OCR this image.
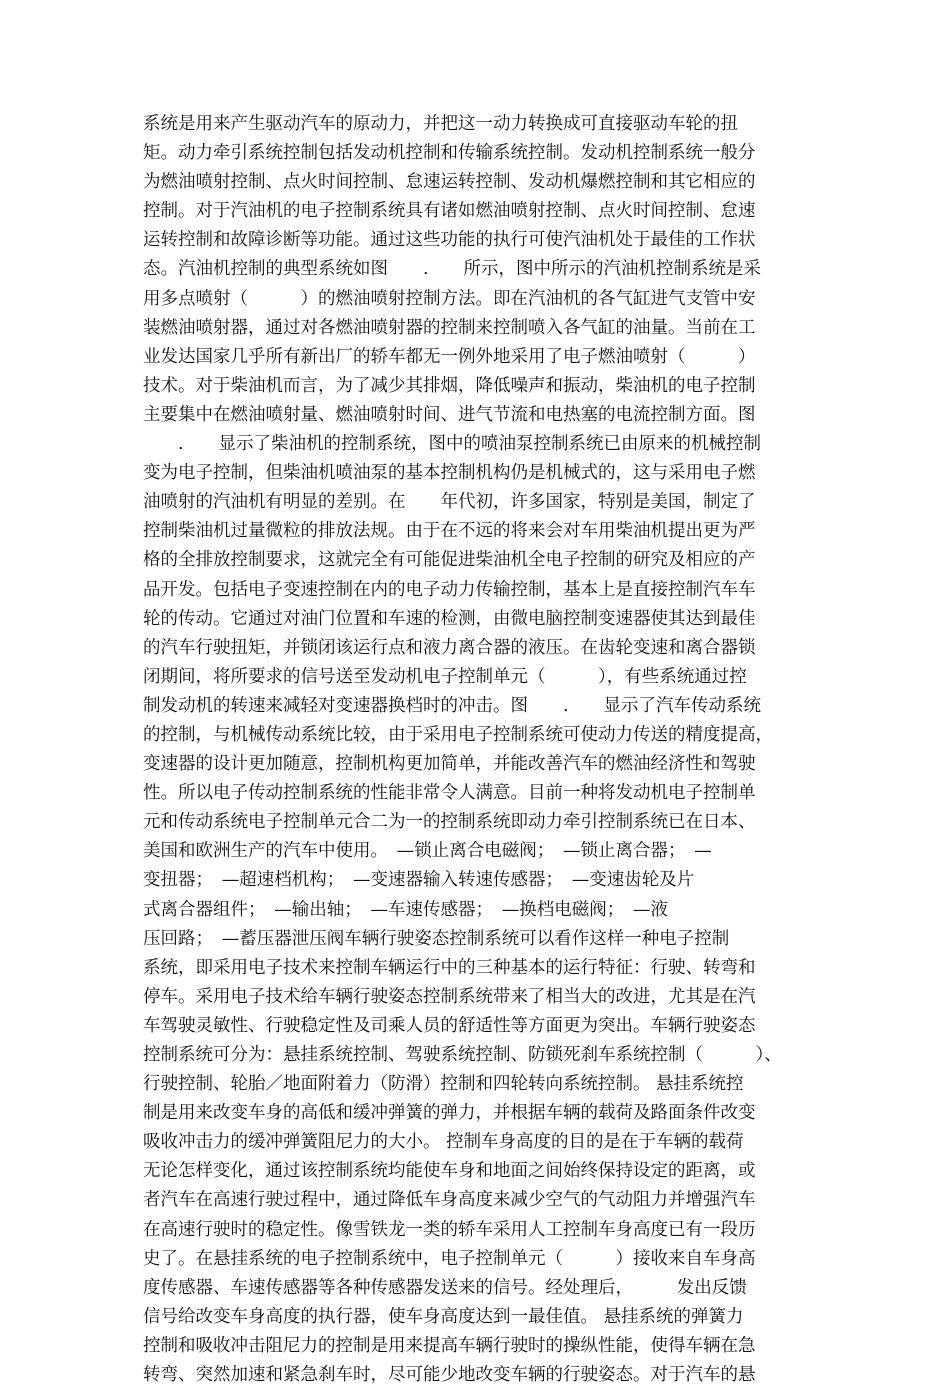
系统是用来产生驱动汽车的原动力，并把这一动力转换成可直接驱动车轮的扭
矩。动力牵引系统控制包括发动机控制和传输系统控制。发动机控制系统一般分
为燃油喷射控制、点火时间控制、怠速运转控制、发动机爆燃控制和其它相应的
控制。对于汽油机的电子控制系统具有诸如燃油喷射控制、点火时间控制、怠速
运转控制和故障诊断等功能。通过这些功能的执行可使汽油机处于最佳的工作状
态。汽油机控制的典型系统如图　　.　　所示，图中所示的汽油机控制系统是采
用多点喷射（　　　）的燃油喷射控制方法。即在汽油机的各气缸进气支管中安
装燃油喷射器，通过对各燃油喷射器的控制来控制喷入各气缸的油量。当前在工
业发达国家几乎所有新出厂的轿车都无一例外地采用了电子燃油喷射（　　　）
技术。对于柴油机而言，为了减少其排烟，降低噪声和振动，柴油机的电子控制
主要集中在燃油喷射量、燃油喷射时间、进气节流和电热塞的电流控制方面。图
　　.　　显示了柴油机的控制系统，图中的喷油泵控制系统已由原来的机械控制
变为电子控制，但柴油机喷油泵的基本控制机构仍是机械式的，这与采用电子燃
油喷射的汽油机有明显的差别。在　　年代初，许多国家，特别是美国，制定了
控制柴油机过量微粒的排放法规。由于在不远的将来会对车用柴油机提出更为严
格的全排放控制要求，这就完全有可能促进柴油机全电子控制的研究及相应的产
品开发。包括电子变速控制在内的电子动力传输控制，基本上是直接控制汽车车
轮的传动。它通过对油门位置和车速的检测，由微电脑控制变速器使其达到最佳
的汽车行驶扭矩，并锁闭该运行点和液力离合器的液压。在齿轮变速和离合器锁
闭期间，将所要求的信号送至发动机电子控制单元（　　　），有些系统通过控
制发动机的转速来减轻对变速器换档时的冲击。图　　.　　显示了汽车传动系统
的控制，与机械传动系统比较，由于采用电子控制系统可使动力传送的精度提高，
变速器的设计更加随意，控制机构更加简单，并能改善汽车的燃油经济性和驾驶
性。所以电子传动控制系统的性能非常令人满意。目前一种将发动机电子控制单
元和传动系统电子控制单元合二为一的控制系统即动力牵引控制系统已在日本、
美国和欧洲生产的汽车中使用。　—锁止离合电磁阀；　—锁止离合器；　—
变扭器；　—超速档机构；　—变速器输入转速传感器；　—变速齿轮及片
式离合器组件；　—输出轴；　—车速传感器；　—换档电磁阀；　—液
压回路；　—蓄压器泄压阀车辆行驶姿态控制系统可以看作这样一种电子控制
系统，即采用电子技术来控制车辆运行中的三种基本的运行特征：行驶、转弯和
停车。采用电子技术给车辆行驶姿态控制系统带来了相当大的改进，尤其是在汽
车驾驶灵敏性、行驶稳定性及司乘人员的舒适性等方面更为突出。车辆行驶姿态
控制系统可分为：悬挂系统控制、驾驶系统控制、防锁死刹车系统控制（　　　）、
行驶控制、轮胎／地面附着力（防滑）控制和四轮转向系统控制。 悬挂系统控
制是用来改变车身的高低和缓冲弹簧的弹力，并根据车辆的载荷及路面条件改变
吸收冲击力的缓冲弹簧阻尼力的大小。 控制车身高度的目的是在于车辆的载荷
无论怎样变化，通过该控制系统均能使车身和地面之间始终保持设定的距离，或
者汽车在高速行驶过程中，通过降低车身高度来减少空气的气动阻力并增强汽车
在高速行驶时的稳定性。像雪铁龙一类的轿车采用人工控制车身高度已有一段历
史了。在悬挂系统的电子控制系统中，电子控制单元（　　　）接收来自车身高
度传感器、车速传感器等各种传感器发送来的信号。经处理后，　　　发出反馈
信号给改变车身高度的执行器，使车身高度达到一最佳值。 悬挂系统的弹簧力
控制和吸收冲击阻尼力的控制是用来提高车辆行驶时的操纵性能，使得车辆在急
转弯、突然加速和紧急刹车时，尽可能少地改变车辆的行驶姿态。对于汽车的悬
